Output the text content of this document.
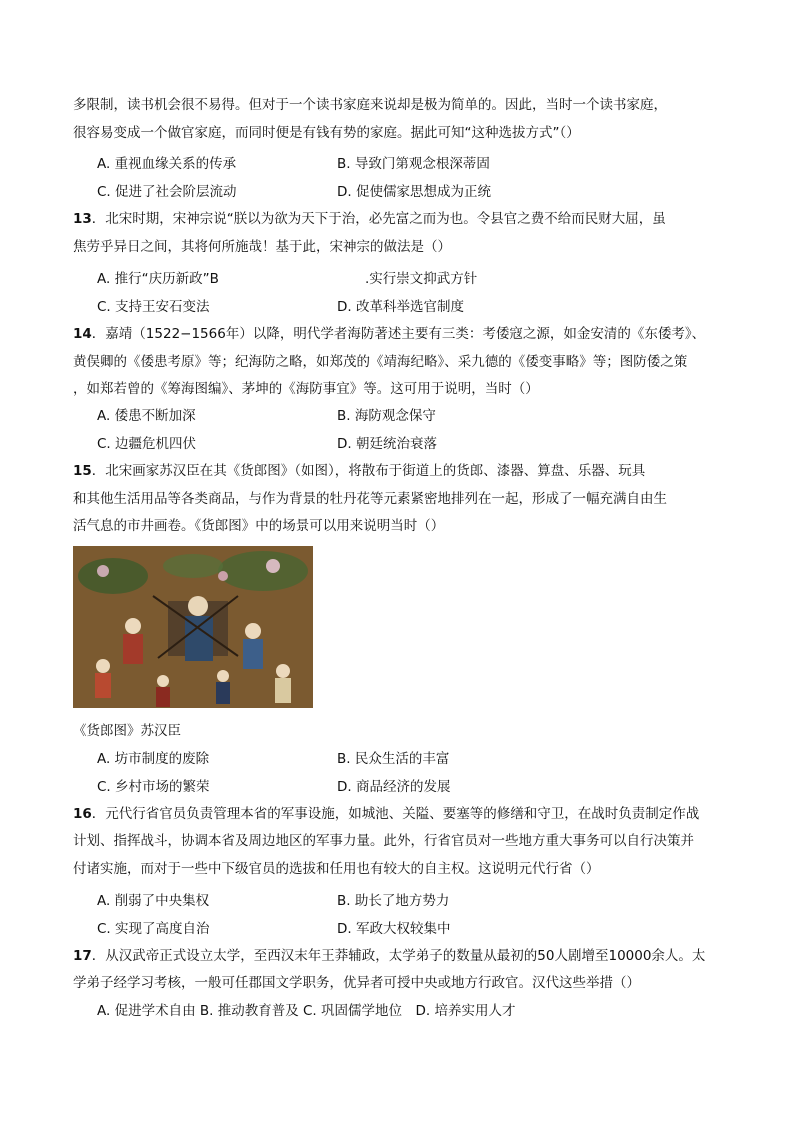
多限制，读书机会很不易得。但对于一个读书家庭来说却是极为简单的。因此，当时一个读书家庭，
很容易变成一个做官家庭，而同时便是有钱有势的家庭。据此可知“这种选拔方式”（）
A. 重视血缘关系的传承	B. 导致门第观念根深蒂固
C. 促进了社会阶层流动	D. 促使儒家思想成为正统
13．北宋时期，宋神宗说“朕以为欲为天下于治，必先富之而为也。令县官之费不给而民财大屈，虽
焦劳乎异日之间，其将何所施哉！基于此，宋神宗的做法是（）
A. 推行“庆历新政”B	.实行崇文抑武方针
C. 支持王安石变法	D. 改革科举选官制度
14．嘉靖（1522−1566年）以降，明代学者海防著述主要有三类：考倭寇之源，如金安清的《东倭考》、
黄俣卿的《倭患考原》等；纪海防之略，如郑茂的《靖海纪略》、采九德的《倭变事略》等；图防倭之策
，如郑若曾的《筹海图编》、茅坤的《海防事宜》等。这可用于说明，当时（）
A. 倭患不断加深	B. 海防观念保守
C. 边疆危机四伏	D. 朝廷统治衰落
15．北宋画家苏汉臣在其《货郎图》（如图），将散布于街道上的货郎、漆器、算盘、乐器、玩具
和其他生活用品等各类商品，与作为背景的牡丹花等元素紧密地排列在一起，形成了一幅充满自由生
活气息的市井画卷。《货郎图》中的场景可以用来说明当时（）
《货郎图》苏汉臣
A. 坊市制度的废除	B. 民众生活的丰富
C. 乡村市场的繁荣	D. 商品经济的发展
16．元代行省官员负责管理本省的军事设施，如城池、关隘、要塞等的修缮和守卫，在战时负责制定作战
计划、指挥战斗，协调本省及周边地区的军事力量。此外，行省官员对一些地方重大事务可以自行决策并
付诸实施，而对于一些中下级官员的选拔和任用也有较大的自主权。这说明元代行省（）
A. 削弱了中央集权	B. 助长了地方势力
C. 实现了高度自治	D. 军政大权较集中
17．从汉武帝正式设立太学，至西汉末年王莽辅政，太学弟子的数量从最初的50人剧增至10000余人。太
学弟子经学习考核，一般可任郡国文学职务，优异者可授中央或地方行政官。汉代这些举措（）
A. 促进学术自由 B. 推动教育普及 C. 巩固儒学地位　D. 培养实用人才
